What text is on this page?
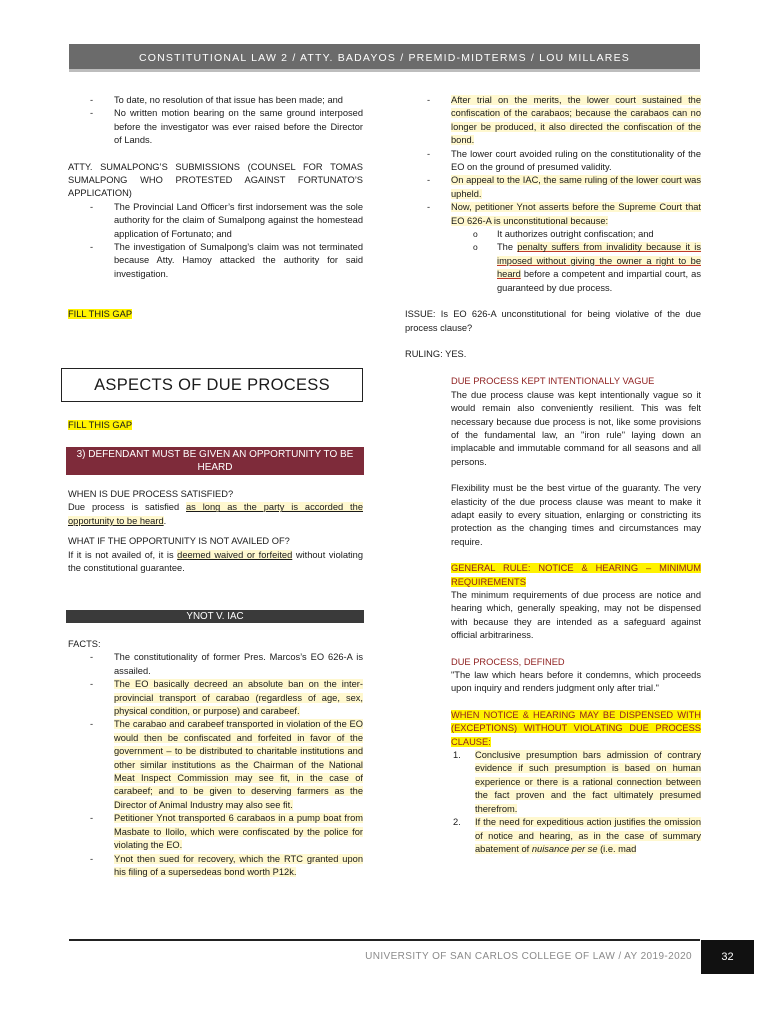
CONSTITUTIONAL LAW 2 / ATTY. BADAYOS / PREMID-MIDTERMS / LOU MILLARES
- To date, no resolution of that issue has been made; and
- No written motion bearing on the same ground interposed before the investigator was ever raised before the Director of Lands.

ATTY. SUMALPONG’S SUBMISSIONS (COUNSEL FOR TOMAS SUMALPONG WHO PROTESTED AGAINST FORTUNATO’S APPLICATION)

- The Provincial Land Officer’s first indorsement was the sole authority for the claim of Sumalpong against the homestead application of Fortunato; and
- The investigation of Sumalpong’s claim was not terminated because Atty. Hamoy attacked the authority for said investigation.

FILL THIS GAP

ASPECTS OF DUE PROCESS

FILL THIS GAP

3) DEFENDANT MUST BE GIVEN AN OPPORTUNITY TO BE HEARD

WHEN IS DUE PROCESS SATISFIED?

Due process is satisfied as long as the party is accorded the opportunity to be heard.

WHAT IF THE OPPORTUNITY IS NOT AVAILED OF?

If it is not availed of, it is deemed waived or forfeited without violating the constitutional guarantee.

YNOT V. IAC

FACTS:

- The constitutionality of former Pres. Marcos’s EO 626-A is assailed.
- The EO basically decreed an absolute ban on the inter-provincial transport of carabao (regardless of age, sex, physical condition, or purpose) and carabeef.
- The carabao and carabeef transported in violation of the EO would then be confiscated and forfeited in favor of the government – to be distributed to charitable institutions and other similar institutions as the Chairman of the National Meat Inspect Commission may see fit, in the case of carabeef; and to be given to deserving farmers as the Director of Animal Industry may also see fit.
- Petitioner Ynot transported 6 carabaos in a pump boat from Masbate to Iloilo, which were confiscated by the police for violating the EO.
- Ynot then sued for recovery, which the RTC granted upon his filing of a supersedeas bond worth P12k.
- After trial on the merits, the lower court sustained the confiscation of the carabaos; because the carabaos can no longer be produced, it also directed the confiscation of the bond.
- The lower court avoided ruling on the constitutionality of the EO on the ground of presumed validity.
- On appeal to the IAC, the same ruling of the lower court was upheld.
- Now, petitioner Ynot asserts before the Supreme Court that EO 626-A is unconstitutional because:
o It authorizes outright confiscation; and
o The penalty suffers from invalidity because it is imposed without giving the owner a right to be heard before a competent and impartial court, as guaranteed by due process.

ISSUE: Is EO 626-A unconstitutional for being violative of the due process clause?

RULING: YES.

DUE PROCESS KEPT INTENTIONALLY VAGUE

The due process clause was kept intentionally vague so it would remain also conveniently resilient. This was felt necessary because due process is not, like some provisions of the fundamental law, an "iron rule" laying down an implacable and immutable command for all seasons and all persons.

Flexibility must be the best virtue of the guaranty. The very elasticity of the due process clause was meant to make it adapt easily to every situation, enlarging or constricting its protection as the changing times and circumstances may require.

GENERAL RULE: NOTICE & HEARING – MINIMUM REQUIREMENTS

The minimum requirements of due process are notice and hearing which, generally speaking, may not be dispensed with because they are intended as a safeguard against official arbitrariness.

DUE PROCESS, DEFINED

"The law which hears before it condemns, which proceeds upon inquiry and renders judgment only after trial."

WHEN NOTICE & HEARING MAY BE DISPENSED WITH (EXCEPTIONS) WITHOUT VIOLATING DUE PROCESS CLAUSE:

Conclusive presumption bars admission of contrary evidence if such presumption is based on human experience or there is a rational connection between the fact proven and the fact ultimately presumed therefrom.
If the need for expeditious action justifies the omission of notice and hearing, as in the case of summary abatement of nuisance per se (i.e. mad
UNIVERSITY OF SAN CARLOS COLLEGE OF LAW / AY 2019-2020	32
